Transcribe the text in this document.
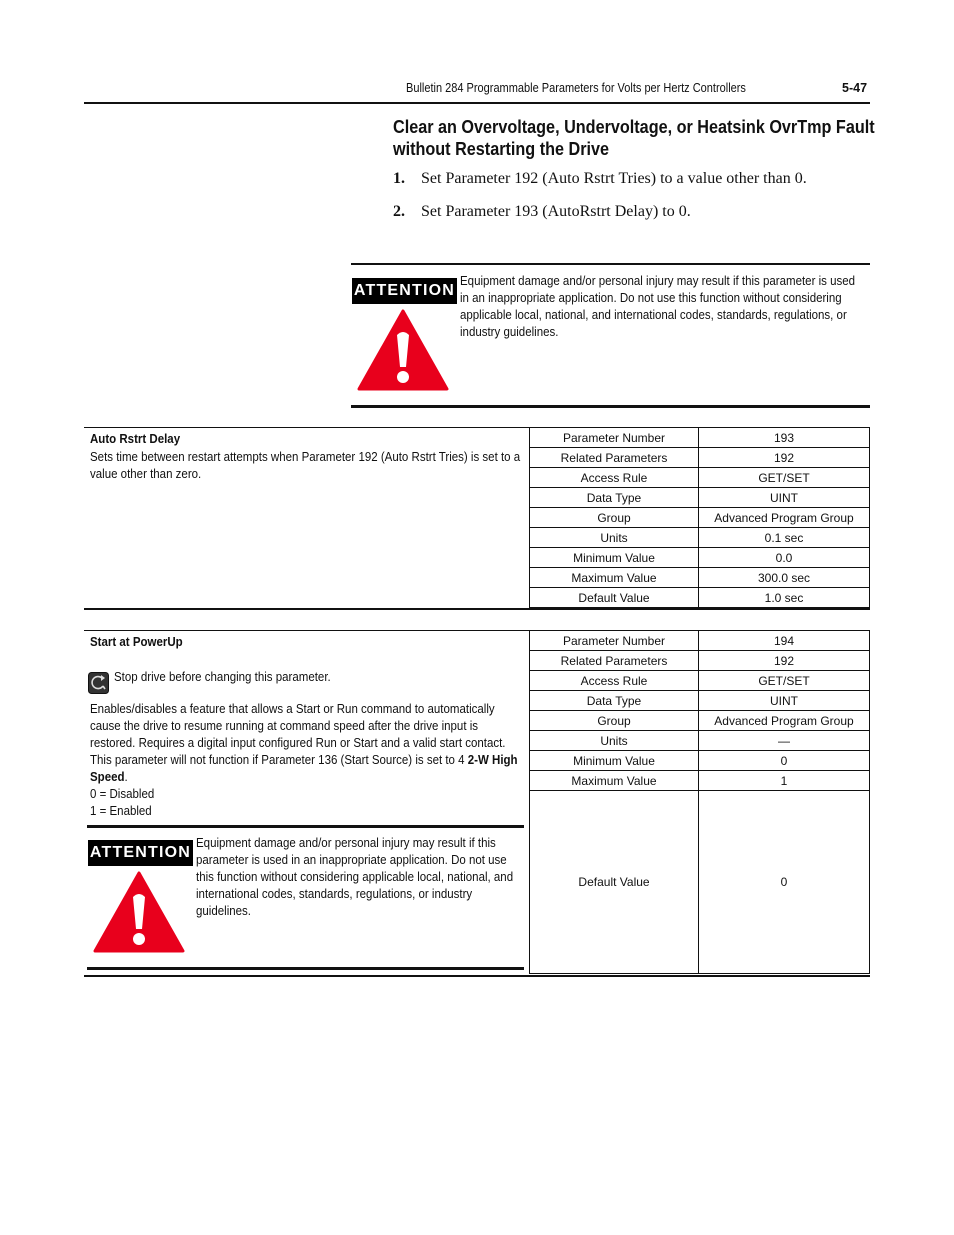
Bulletin 284 Programmable Parameters for Volts per Hertz Controllers	5-47
Clear an Overvoltage, Undervoltage, or Heatsink OvrTmp Fault
without Restarting the Drive
1. Set Parameter 192 (Auto Rstrt Tries) to a value other than 0.
2. Set Parameter 193 (AutoRstrt Delay) to 0.
ATTENTION
Equipment damage and/or personal injury may result if this parameter is used in an inappropriate application. Do not use this function without considering applicable local, national, and international codes, standards, regulations, or industry guidelines.
Auto Rstrt Delay
Sets time between restart attempts when Parameter 192 (Auto Rstrt Tries) is set to a value other than zero.
Parameter Number	193
Related Parameters	192
Access Rule	GET/SET
Data Type	UINT
Group	Advanced Program Group
Units	0.1 sec
Minimum Value	0.0
Maximum Value	300.0 sec
Default Value	1.0 sec
Start at PowerUp
Stop drive before changing this parameter.
Enables/disables a feature that allows a Start or Run command to automatically cause the drive to resume running at command speed after the drive input is restored. Requires a digital input configured Run or Start and a valid start contact. This parameter will not function if Parameter 136 (Start Source) is set to 4 2-W High Speed.
0 = Disabled
1 = Enabled
ATTENTION
Equipment damage and/or personal injury may result if this parameter is used in an inappropriate application. Do not use this function without considering applicable local, national, and international codes, standards, regulations, or industry guidelines.
Parameter Number	194
Related Parameters	192
Access Rule	GET/SET
Data Type	UINT
Group	Advanced Program Group
Units	—
Minimum Value	0
Maximum Value	1
Default Value	0
